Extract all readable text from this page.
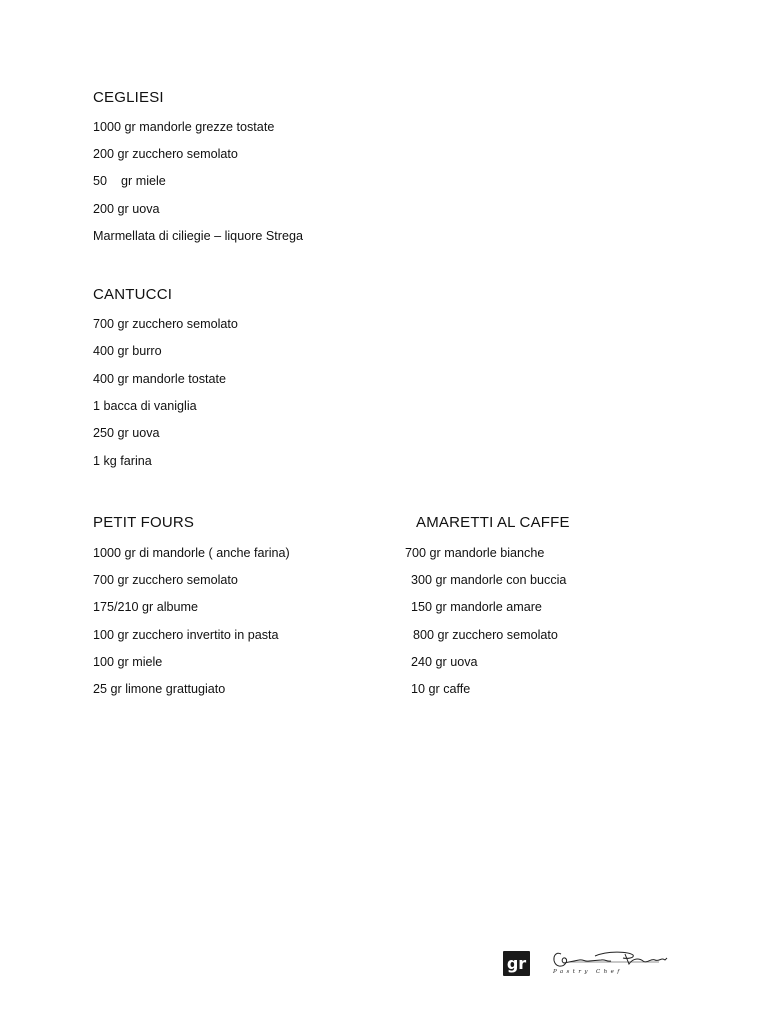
CEGLIESI
1000 gr mandorle grezze tostate
200 gr zucchero semolato
50    gr miele
200 gr uova
Marmellata di ciliegie – liquore Strega
CANTUCCI
700 gr zucchero semolato
400 gr burro
400 gr mandorle tostate
1 bacca di vaniglia
250 gr uova
1 kg farina
PETIT FOURS
1000 gr di mandorle ( anche farina)
700 gr zucchero semolato
175/210 gr albume
100 gr zucchero invertito in pasta
100 gr miele
25 gr limone grattugiato
AMARETTI AL CAFFE
700 gr mandorle bianche
300 gr mandorle con buccia
150 gr mandorle amare
800 gr zucchero semolato
240 gr uova
10 gr caffe
gr	Pastry Chef
